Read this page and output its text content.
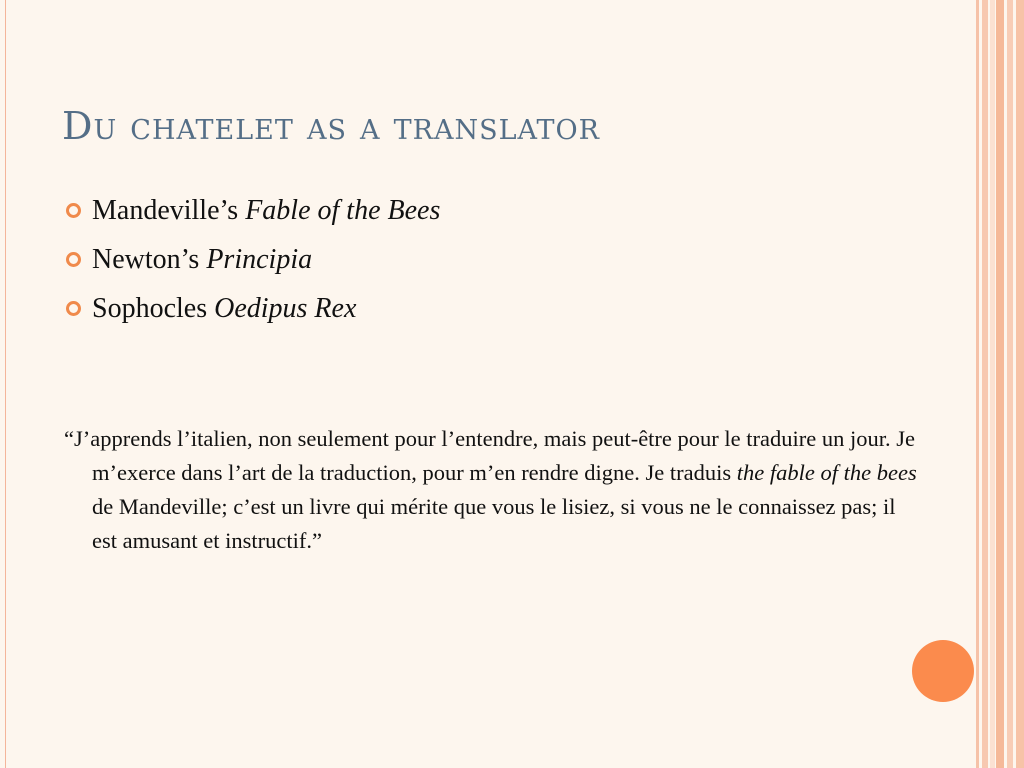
Du chatelet as a translator
Mandeville’s Fable of the Bees
Newton’s Principia
Sophocles Oedipus Rex

“J’apprends l’italien, non seulement pour l’entendre, mais peut-être pour le traduire un jour. Je m’exerce dans l’art de la traduction, pour m’en rendre digne. Je traduis the fable of the bees de Mandeville; c’est un livre qui mérite que vous le lisiez, si vous ne le connaissez pas; il est amusant et instructif.”
